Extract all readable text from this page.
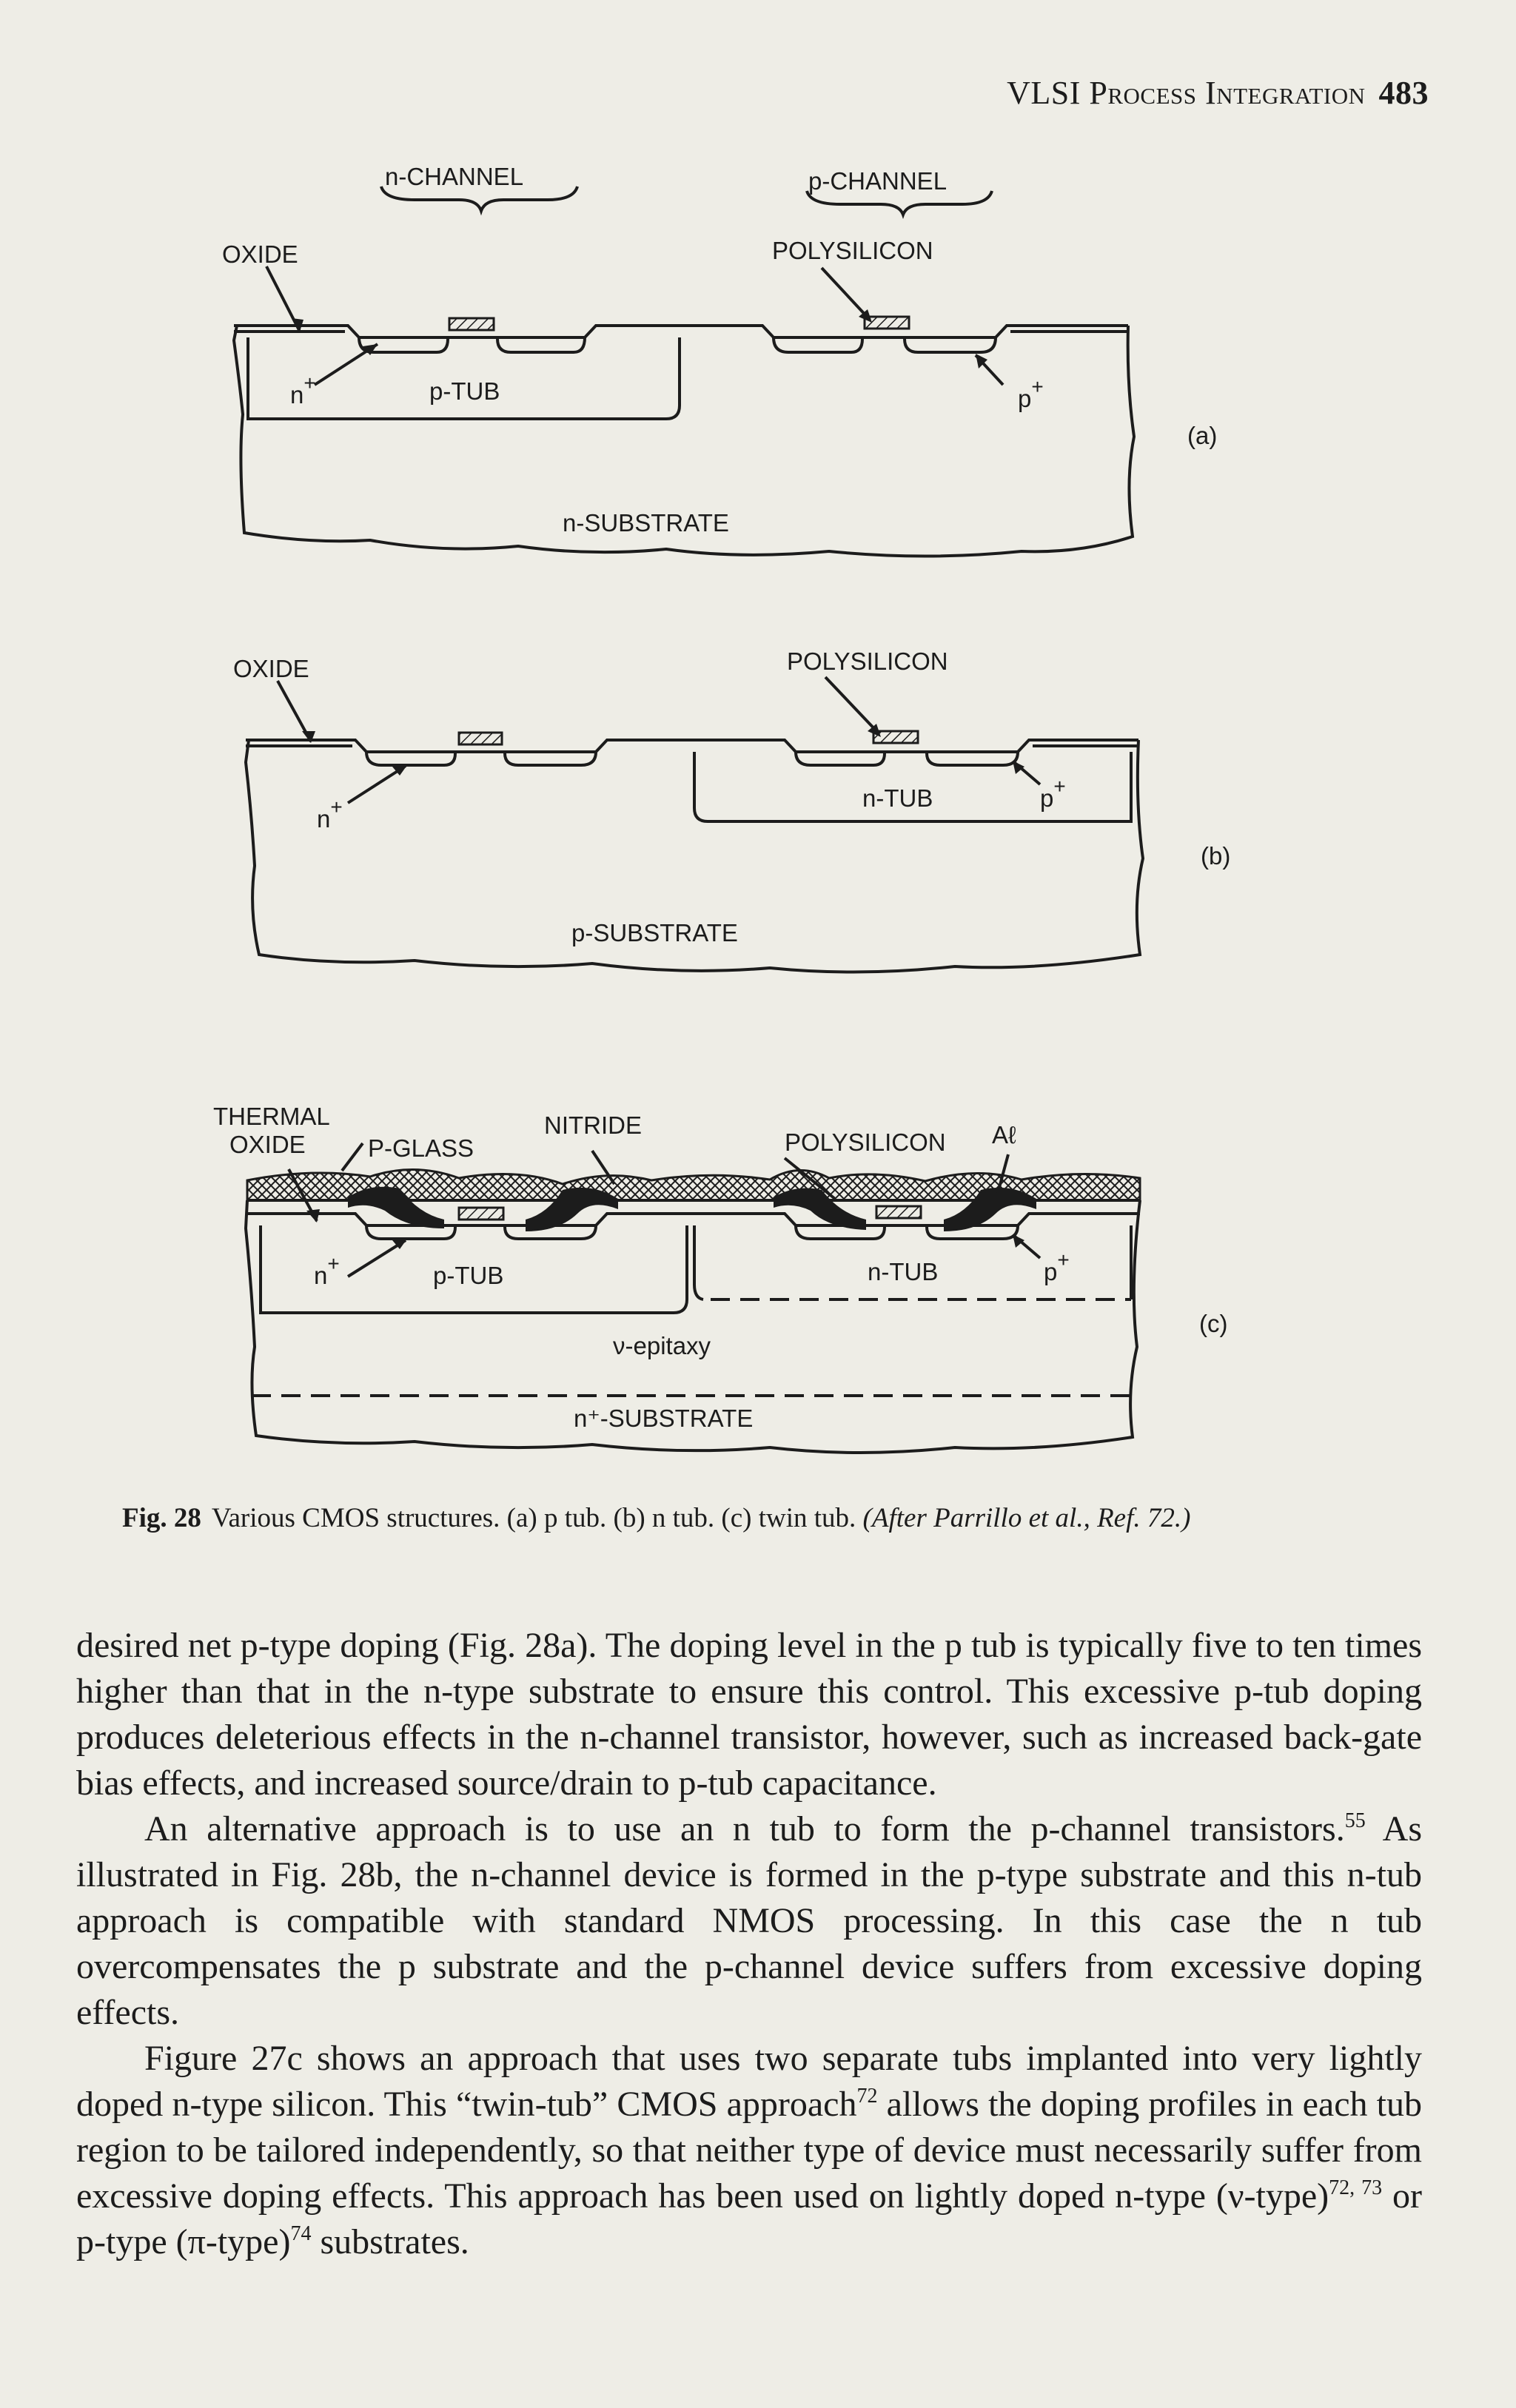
VLSI Process Integration 483
n-CHANNEL	p-CHANNEL
OXIDE	POLYSILICON
n+	p-TUB	p+
n-SUBSTRATE
(a)
OXIDE	POLYSILICON
n+	n-TUB	p+
p-SUBSTRATE
(b)
THERMAL
OXIDE	P-GLASS
NITRIDE
POLYSILICON Aℓ
n+	p-TUB	n-TUB	p+
ν-epitaxy
n⁺-SUBSTRATE
(c)
Fig. 28 Various CMOS structures. (a) p tub. (b) n tub. (c) twin tub. (After Parrillo et al., Ref. 72.)

desired net p-type doping (Fig. 28a). The doping level in the p tub is typically five to ten times higher than that in the n-type substrate to ensure this control. This excessive p-tub doping produces deleterious effects in the n-channel transistor, however, such as increased back-gate bias effects, and increased source/drain to p-tub capacitance.

An alternative approach is to use an n tub to form the p-channel transistors.$^{55}$ As illustrated in Fig. 28b, the n-channel device is formed in the p-type substrate and this n-tub approach is compatible with standard NMOS processing. In this case the n tub overcompensates the p substrate and the p-channel device suffers from excessive doping effects.

Figure 27c shows an approach that uses two separate tubs implanted into very lightly doped n-type silicon. This “twin-tub” CMOS approach$^{72}$ allows the doping profiles in each tub region to be tailored independently, so that neither type of device must necessarily suffer from excessive doping effects. This approach has been used on lightly doped n-type (ν-type)$^{72, 73}$ or p-type (π-type)$^{74}$ substrates.
